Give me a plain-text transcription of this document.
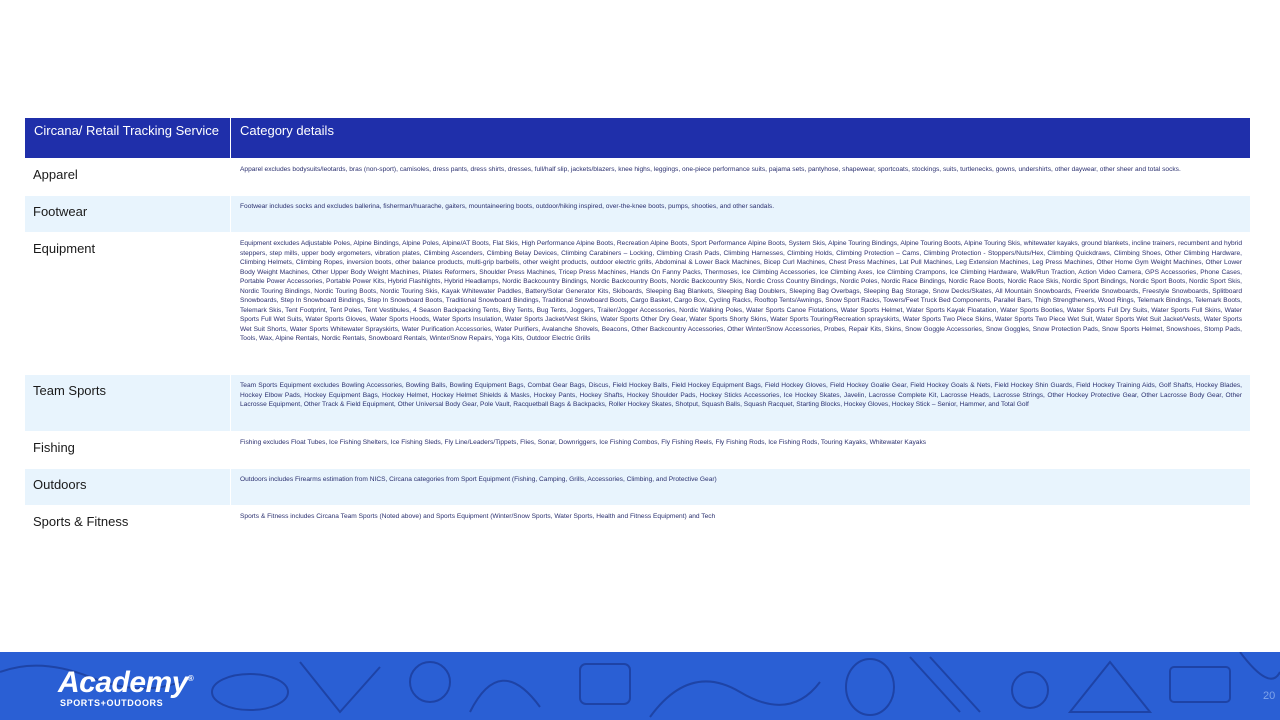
Circana/ Retail Tracking Service	Category details
Apparel	Apparel excludes bodysuits/leotards, bras (non-sport), camisoles, dress pants, dress shirts, dresses, full/half slip, jackets/blazers, knee highs, leggings, one-piece performance suits, pajama sets, pantyhose, shapewear, sportcoats, stockings, suits, turtlenecks, gowns, undershirts, other daywear, other sheer and total socks.
Footwear	Footwear includes socks and excludes ballerina, fisherman/huarache, gaiters, mountaineering boots, outdoor/hiking inspired, over-the-knee boots, pumps, shooties, and other sandals.
Equipment	Equipment excludes Adjustable Poles, Alpine Bindings, Alpine Poles, Alpine/AT Boots, Flat Skis, High Performance Alpine Boots, Recreation Alpine Boots, Sport Performance Alpine Boots, System Skis, Alpine Touring Bindings, Alpine Touring Boots, Alpine Touring Skis, whitewater kayaks, ground blankets, incline trainers, recumbent and hybrid steppers, step mills, upper body ergometers, vibration plates, Climbing Ascenders, Climbing Belay Devices, Climbing Carabiners – Locking, Climbing Crash Pads, Climbing Harnesses, Climbing Holds, Climbing Protection – Cams, Climbing Protection - Stoppers/Nuts/Hex, Climbing Quickdraws, Climbing Shoes, Other Climbing Hardware, Climbing Helmets, Climbing Ropes, inversion boots, other balance products, multi-grip barbells, other weight products, outdoor electric grills, Abdominal & Lower Back Machines, Bicep Curl Machines, Chest Press Machines, Lat Pull Machines, Leg Extension Machines, Leg Press Machines, Other Home Gym Weight Machines, Other Lower Body Weight Machines, Other Upper Body Weight Machines, Pilates Reformers, Shoulder Press Machines, Tricep Press Machines, Hands On Fanny Packs, Thermoses, Ice Climbing Accessories, Ice Climbing Axes, Ice Climbing Crampons, Ice Climbing Hardware, Walk/Run Traction, Action Video Camera, GPS Accessories, Phone Cases, Portable Power Accessories, Portable Power Kits, Hybrid Flashlights, Hybrid Headlamps, Nordic Backcountry Bindings, Nordic Backcountry Boots, Nordic Backcountry Skis, Nordic Cross Country Bindings, Nordic Poles, Nordic Race Bindings, Nordic Race Boots, Nordic Race Skis, Nordic Sport Bindings, Nordic Sport Boots, Nordic Sport Skis, Nordic Touring Bindings, Nordic Touring Boots, Nordic Touring Skis, Kayak Whitewater Paddles, Battery/Solar Generator Kits, Skiboards, Sleeping Bag Blankets, Sleeping Bag Doublers, Sleeping Bag Overbags, Sleeping Bag Storage, Snow Decks/Skates, All Mountain Snowboards, Freeride Snowboards, Freestyle Snowboards, Splitboard Snowboards, Step In Snowboard Bindings, Step In Snowboard Boots, Traditional Snowboard Bindings, Traditional Snowboard Boots, Cargo Basket, Cargo Box, Cycling Racks, Rooftop Tents/Awnings, Snow Sport Racks, Towers/Feet Truck Bed Components, Parallel Bars, Thigh Strengtheners, Wood Rings, Telemark Bindings, Telemark Boots, Telemark Skis, Tent Footprint, Tent Poles, Tent Vestibules, 4 Season Backpacking Tents, Bivy Tents, Bug Tents, Joggers, Trailer/Jogger Accessories, Nordic Walking Poles, Water Sports Canoe Flotations, Water Sports Helmet, Water Sports Kayak Floatation, Water Sports Booties, Water Sports Full Dry Suits, Water Sports Full Skins, Water Sports Full Wet Suits, Water Sports Gloves, Water Sports Hoods, Water Sports Insulation, Water Sports Jacket/Vest Skins, Water Sports Other Dry Gear, Water Sports Shorty Skins, Water Sports Touring/Recreation sprayskirts, Water Sports Two Piece Skins, Water Sports Two Piece Wet Suit, Water Sports Wet Suit Jacket/Vests, Water Sports Wet Suit Shorts, Water Sports Whitewater Sprayskirts, Water Purification Accessories, Water Purifiers, Avalanche Shovels, Beacons, Other Backcountry Accessories, Other Winter/Snow Accessories, Probes, Repair Kits, Skins, Snow Goggle Accessories, Snow Goggles, Snow Protection Pads, Snow Sports Helmet, Snowshoes, Stomp Pads, Tools, Wax, Alpine Rentals, Nordic Rentals, Snowboard Rentals, Winter/Snow Repairs, Yoga Kits, Outdoor Electric Grills
Team Sports	Team Sports Equipment excludes Bowling Accessories, Bowling Balls, Bowling Equipment Bags, Combat Gear Bags, Discus, Field Hockey Balls, Field Hockey Equipment Bags, Field Hockey Gloves, Field Hockey Goalie Gear, Field Hockey Goals & Nets, Field Hockey Shin Guards, Field Hockey Training Aids, Golf Shafts, Hockey Blades, Hockey Elbow Pads, Hockey Equipment Bags, Hockey Helmet, Hockey Helmet Shields & Masks, Hockey Pants, Hockey Shafts, Hockey Shoulder Pads, Hockey Sticks Accessories, Ice Hockey Skates, Javelin, Lacrosse Complete Kit, Lacrosse Heads, Lacrosse Strings, Other Hockey Protective Gear, Other Lacrosse Body Gear, Other Lacrosse Equipment, Other Track & Field Equipment, Other Universal Body Gear, Pole Vault, Racquetball Bags & Backpacks, Roller Hockey Skates, Shotput, Squash Balls, Squash Racquet, Starting Blocks, Hockey Gloves, Hockey Stick – Senior, Hammer, and Total Golf
Fishing	Fishing excludes Float Tubes, Ice Fishing Shelters, Ice Fishing Sleds, Fly Line/Leaders/Tippets, Flies, Sonar, Downriggers, Ice Fishing Combos, Fly Fishing Reels, Fly Fishing Rods, Ice Fishing Rods, Touring Kayaks, Whitewater Kayaks
Outdoors	Outdoors includes Firearms estimation from NICS, Circana categories from Sport Equipment (Fishing, Camping, Grills, Accessories, Climbing, and Protective Gear)
Sports & Fitness	Sports & Fitness includes Circana Team Sports (Noted above) and Sports Equipment (Winter/Snow Sports, Water Sports, Health and Fitness Equipment) and Tech
Academy®
SPORTS+OUTDOORS
20
